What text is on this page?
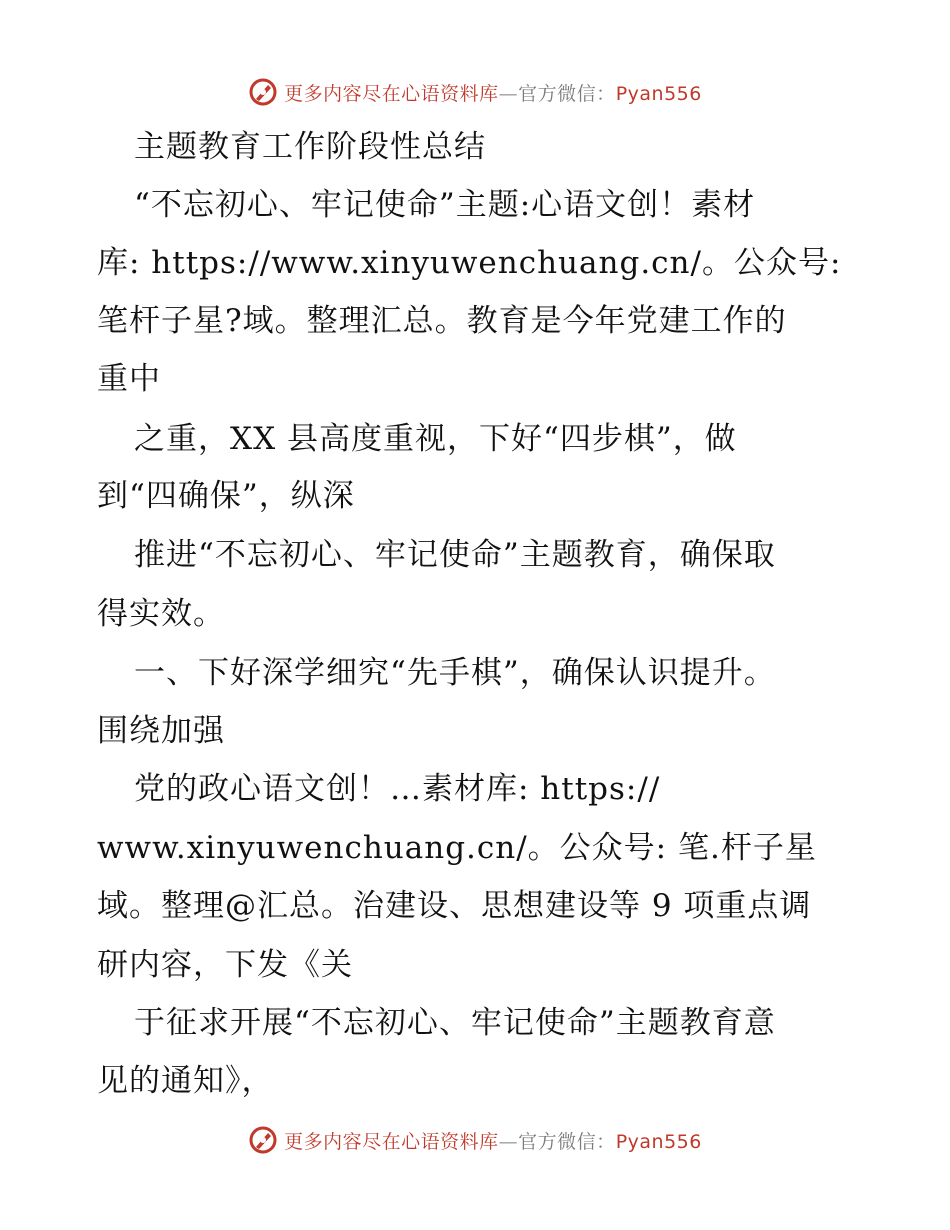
更多内容尽在心语资料库—官方微信：Pyan556
主题教育工作阶段性总结
“不忘初心、牢记使命”主题:心语文创！素材
库: https://www.xinyuwenchuang.cn/。公众号:
笔杆子星?域。整理汇总。教育是今年党建工作的
重中
之重，XX 县高度重视，下好“四步棋”，做
到“四确保”，纵深
推进“不忘初心、牢记使命”主题教育，确保取
得实效。
一、下好深学细究“先手棋”，确保认识提升。
围绕加强
党的政心语文创！…素材库: https://
www.xinyuwenchuang.cn/。公众号: 笔.杆子星
域。整理@汇总。治建设、思想建设等 9 项重点调
研内容，下发《关
于征求开展“不忘初心、牢记使命”主题教育意
见的通知》，
更多内容尽在心语资料库—官方微信：Pyan556
